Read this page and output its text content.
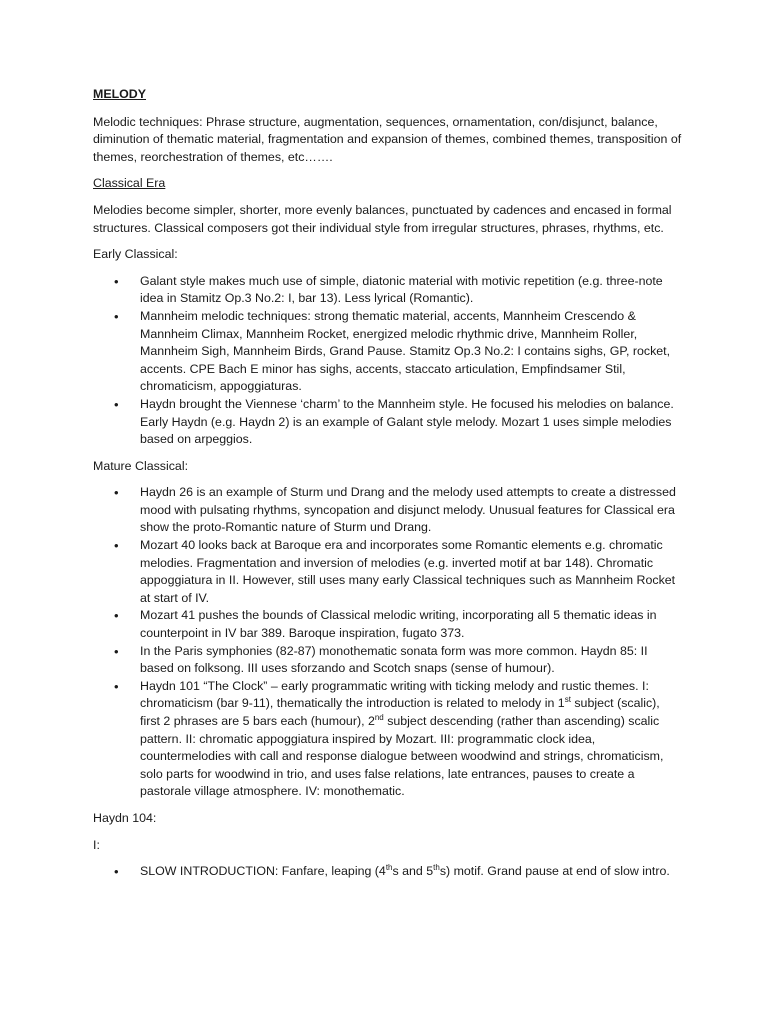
MELODY

Melodic techniques: Phrase structure, augmentation, sequences, ornamentation, con/disjunct, balance, diminution of thematic material, fragmentation and expansion of themes, combined themes, transposition of themes, reorchestration of themes, etc…….

Classical Era

Melodies become simpler, shorter, more evenly balances, punctuated by cadences and encased in formal structures. Classical composers got their individual style from irregular structures, phrases, rhythms, etc.

Early Classical:

• Galant style makes much use of simple, diatonic material with motivic repetition (e.g. three-note idea in Stamitz Op.3 No.2: I, bar 13). Less lyrical (Romantic).
• Mannheim melodic techniques: strong thematic material, accents, Mannheim Crescendo & Mannheim Climax, Mannheim Rocket, energized melodic rhythmic drive, Mannheim Roller, Mannheim Sigh, Mannheim Birds, Grand Pause. Stamitz Op.3 No.2: I contains sighs, GP, rocket, accents. CPE Bach E minor has sighs, accents, staccato articulation, Empfindsamer Stil, chromaticism, appoggiaturas.
• Haydn brought the Viennese ‘charm’ to the Mannheim style. He focused his melodies on balance. Early Haydn (e.g. Haydn 2) is an example of Galant style melody. Mozart 1 uses simple melodies based on arpeggios.

Mature Classical:

• Haydn 26 is an example of Sturm und Drang and the melody used attempts to create a distressed mood with pulsating rhythms, syncopation and disjunct melody. Unusual features for Classical era show the proto-Romantic nature of Sturm und Drang.
• Mozart 40 looks back at Baroque era and incorporates some Romantic elements e.g. chromatic melodies. Fragmentation and inversion of melodies (e.g. inverted motif at bar 148). Chromatic appoggiatura in II. However, still uses many early Classical techniques such as Mannheim Rocket at start of IV.
• Mozart 41 pushes the bounds of Classical melodic writing, incorporating all 5 thematic ideas in counterpoint in IV bar 389. Baroque inspiration, fugato 373.
• In the Paris symphonies (82-87) monothematic sonata form was more common. Haydn 85: II based on folksong. III uses sforzando and Scotch snaps (sense of humour).
• Haydn 101 “The Clock” – early programmatic writing with ticking melody and rustic themes. I: chromaticism (bar 9-11), thematically the introduction is related to melody in 1st subject (scalic), first 2 phrases are 5 bars each (humour), 2nd subject descending (rather than ascending) scalic pattern. II: chromatic appoggiatura inspired by Mozart. III: programmatic clock idea, countermelodies with call and response dialogue between woodwind and strings, chromaticism, solo parts for woodwind in trio, and uses false relations, late entrances, pauses to create a pastorale village atmosphere. IV: monothematic.

Haydn 104:

I:

• SLOW INTRODUCTION: Fanfare, leaping (4ths and 5ths) motif. Grand pause at end of slow intro.
